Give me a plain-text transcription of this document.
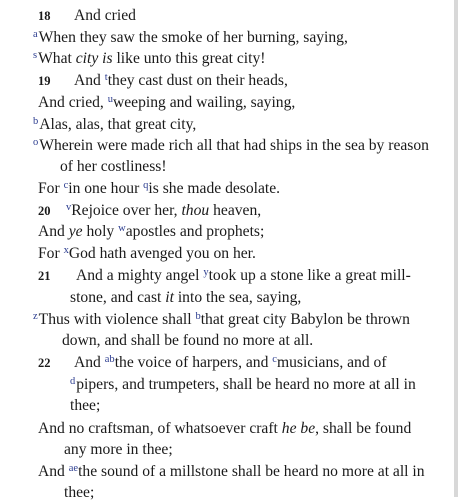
18 And cried
$^a$When they saw the smoke of her burning, saying,
$^s$What city is like unto this great city!
19 And $^t$they cast dust on their heads,
And cried, $^u$weeping and wailing, saying,
$^b$Alas, alas, that great city,
$^o$Wherein were made rich all that had ships in the sea by reason
of her costliness!
For $^c$in one hour $^q$is she made desolate.
20 $^v$Rejoice over her, thou heaven,
And ye holy $^w$apostles and prophets;
For $^x$God hath avenged you on her.
21 And a mighty angel $^y$took up a stone like a great mill-
stone, and cast it into the sea, saying,
$^z$Thus with violence shall $^b$that great city Babylon be thrown
down, and shall be found no more at all.
22 And $^{ab}$the voice of harpers, and $^c$musicians, and of
$^d$pipers, and trumpeters, shall be heard no more at all in
thee;
And no craftsman, of whatsoever craft he be, shall be found
any more in thee;
And $^{ae}$the sound of a millstone shall be heard no more at all in
thee;
